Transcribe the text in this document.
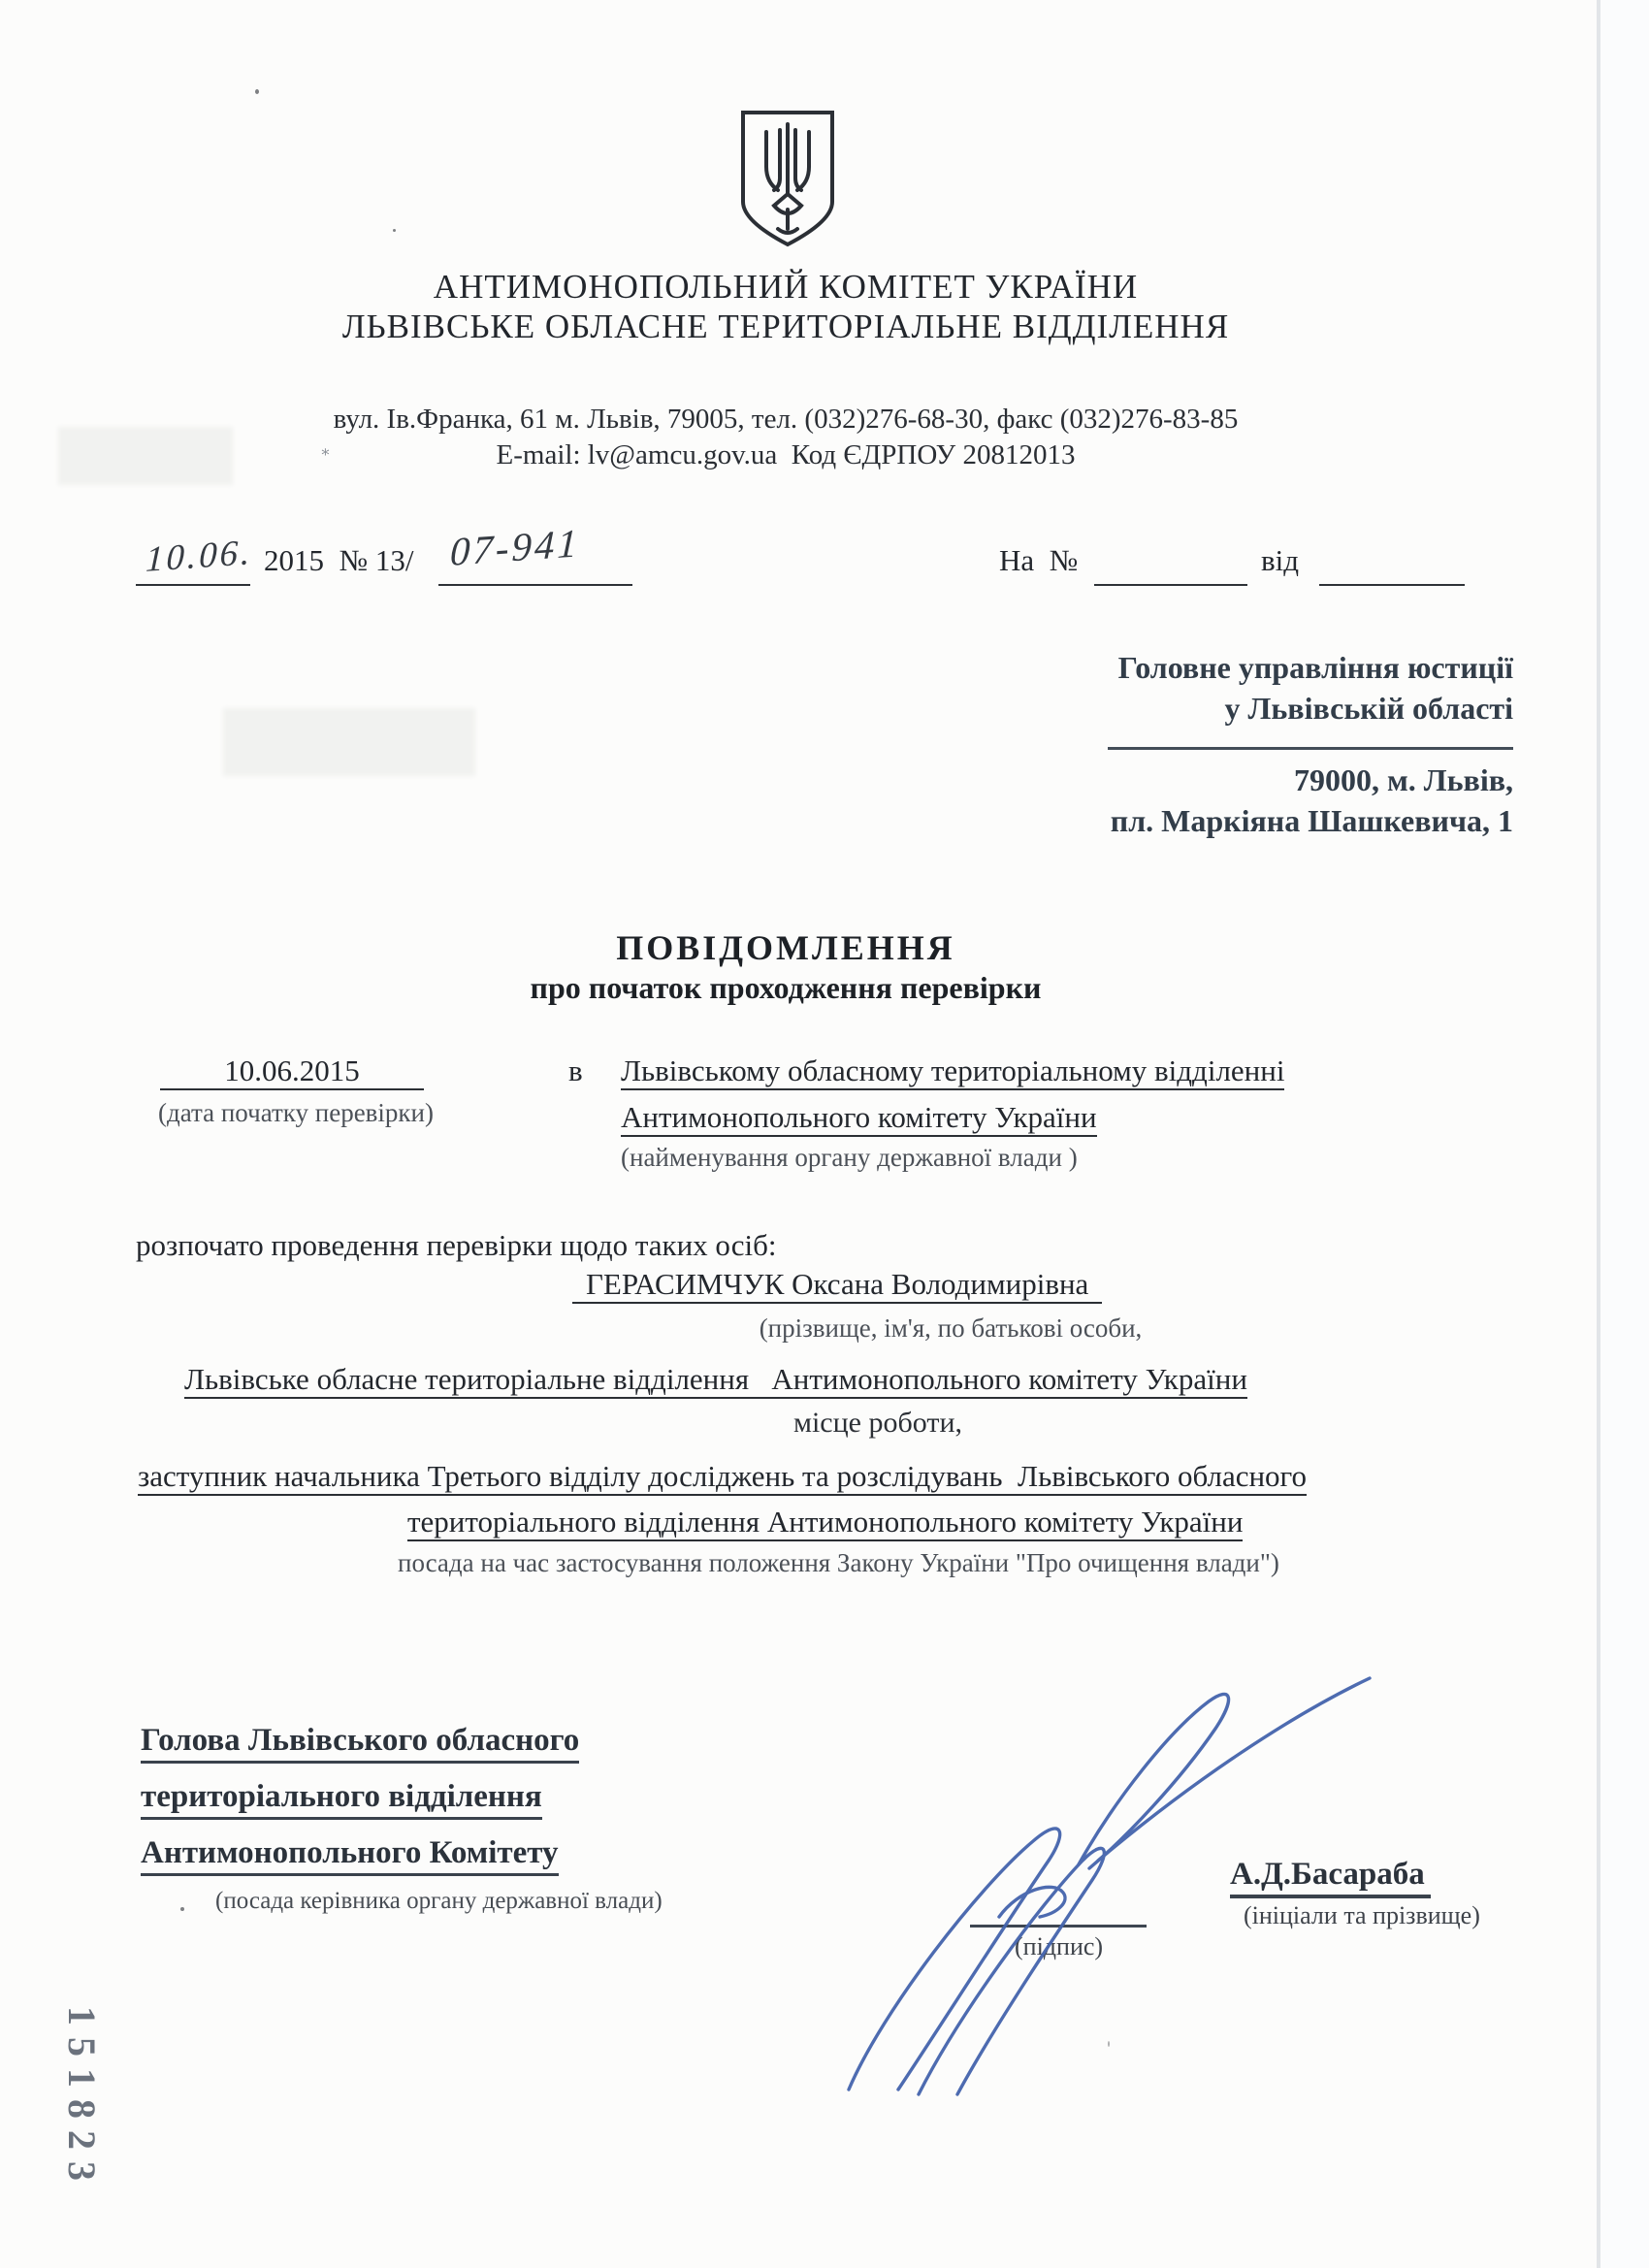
АНТИМОНОПОЛЬНИЙ КОМІТЕТ УКРАЇНИ
ЛЬВІВСЬКЕ ОБЛАСНЕ ТЕРИТОРІАЛЬНЕ ВІДДІЛЕННЯ
вул. Ів.Франка, 61 м. Львів, 79005, тел. (032)276-68-30, факс (032)276-83-85
E-mail: lv@amcu.gov.ua  Код ЄДРПОУ 20812013
∗
10.06. 2015  № 13/ 07-941	На  №	від
Головне управління юстиції
у Львівській області
79000, м. Львів,
пл. Маркіяна Шашкевича, 1
ПОВІДОМЛЕННЯ
про початок проходження перевірки
10.06.2015	в Львівському обласному територіальному відділенні
(дата початку перевірки)	Антимонопольного комітету України
(найменування органу державної влади )
розпочато проведення перевірки щодо таких осіб:
ГЕРАСИМЧУК Оксана Володимирівна
(прізвище, ім'я, по батькові особи,
Львівське обласне територіальне відділення   Антимонопольного комітету України
місце роботи,
заступник начальника Третього відділу досліджень та розслідувань  Львівського обласного
територіального відділення Антимонопольного комітету України
посада на час застосування положення Закону України "Про очищення влади")
Голова Львівського обласного
територіального відділення
Антимонопольного Комітету
(посада керівника органу державної влади)
(підпис)
А.Д.Басараба
(ініціали та прізвище)
151823
